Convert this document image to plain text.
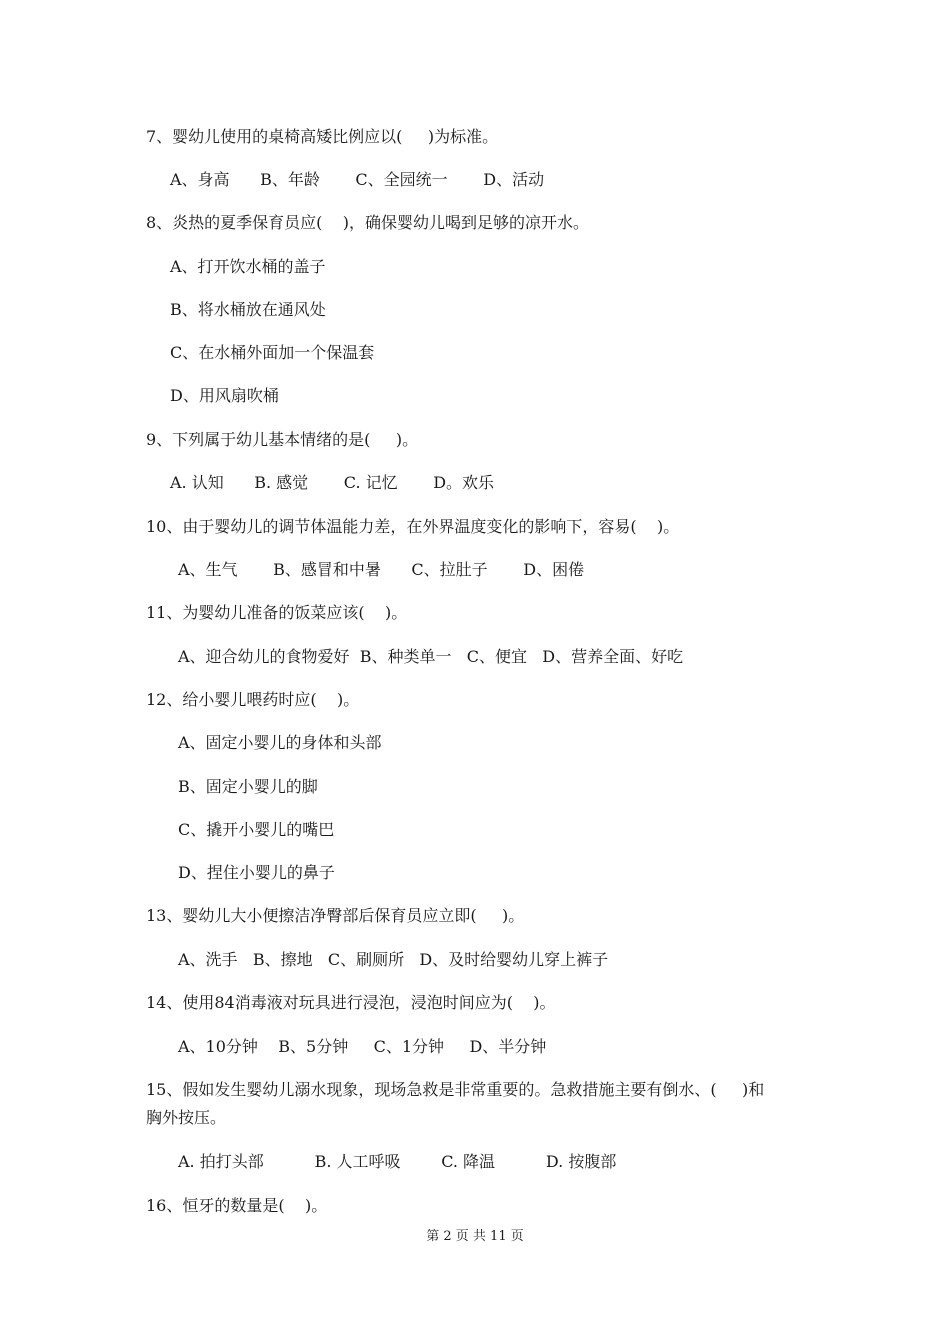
7、婴幼儿使用的桌椅高矮比例应以(     )为标准。
A、身高      B、年龄       C、全园统一       D、活动
8、炎热的夏季保育员应(    )，确保婴幼儿喝到足够的凉开水。
A、打开饮水桶的盖子
B、将水桶放在通风处
C、在水桶外面加一个保温套
D、用风扇吹桶
9、下列属于幼儿基本情绪的是(     )。
A. 认知      B. 感觉       C. 记忆       D。欢乐
10、由于婴幼儿的调节体温能力差，在外界温度变化的影响下，容易(    )。
A、生气       B、感冒和中暑      C、拉肚子       D、困倦
11、为婴幼儿准备的饭菜应该(    )。
A、迎合幼儿的食物爱好  B、种类单一   C、便宜   D、营养全面、好吃
12、给小婴儿喂药时应(    )。
A、固定小婴儿的身体和头部
B、固定小婴儿的脚
C、撬开小婴儿的嘴巴
D、捏住小婴儿的鼻子
13、婴幼儿大小便擦洁净臀部后保育员应立即(     )。
A、洗手   B、擦地   C、刷厕所   D、及时给婴幼儿穿上裤子
14、使用84消毒液对玩具进行浸泡，浸泡时间应为(    )。
A、10分钟    B、5分钟     C、1分钟     D、半分钟
15、假如发生婴幼儿溺水现象，现场急救是非常重要的。急救措施主要有倒水、(     )和
胸外按压。
A. 拍打头部          B. 人工呼吸        C. 降温          D. 按腹部
16、恒牙的数量是(    )。
第 2 页 共 11 页
